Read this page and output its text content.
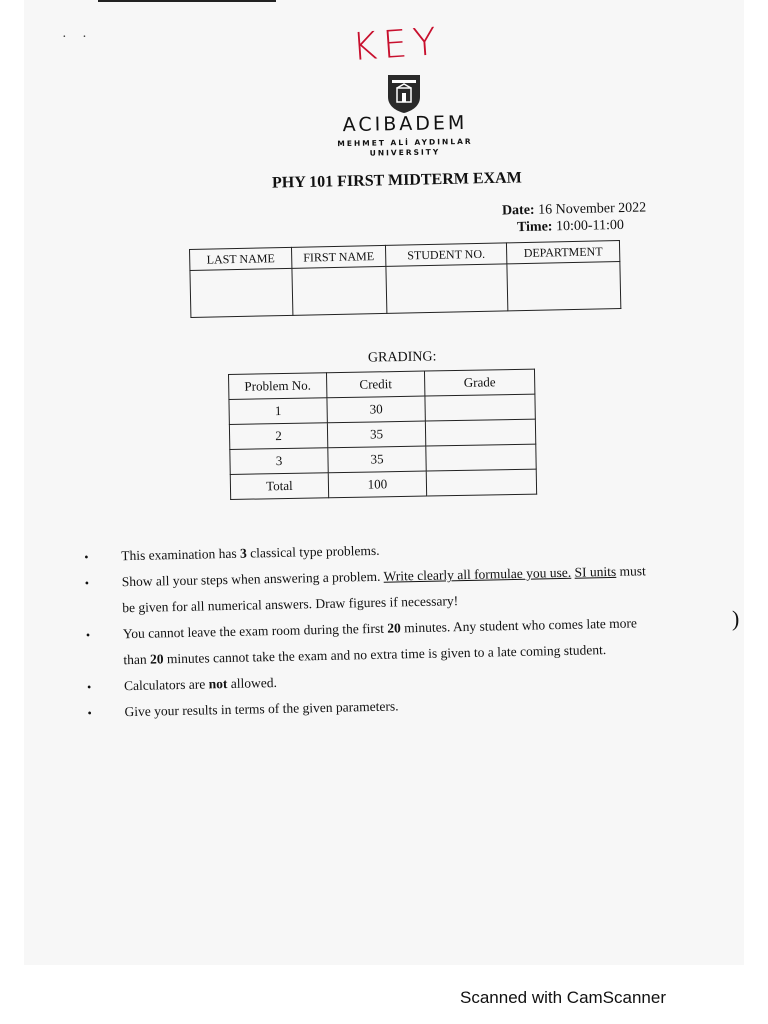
· ·	KEY
ACIBADEM
MEHMET ALİ AYDINLAR
UNIVERSITY
PHY 101 FIRST MIDTERM EXAM
Date: 16 November 2022
Time: 10:00-11:00
LAST NAME	FIRST NAME	STUDENT NO.	DEPARTMENT

GRADING:
Problem No.	Credit	Grade
1	30	
2	35	
3	35	
Total	100	
• This examination has 3 classical type problems.
• Show all your steps when answering a problem. Write clearly all formulae you use. SI units must
be given for all numerical answers. Draw figures if necessary!
• You cannot leave the exam room during the first 20 minutes. Any student who comes late more
than 20 minutes cannot take the exam and no extra time is given to a late coming student.
• Calculators are not allowed.
• Give your results in terms of the given parameters.
)
Scanned with CamScanner
